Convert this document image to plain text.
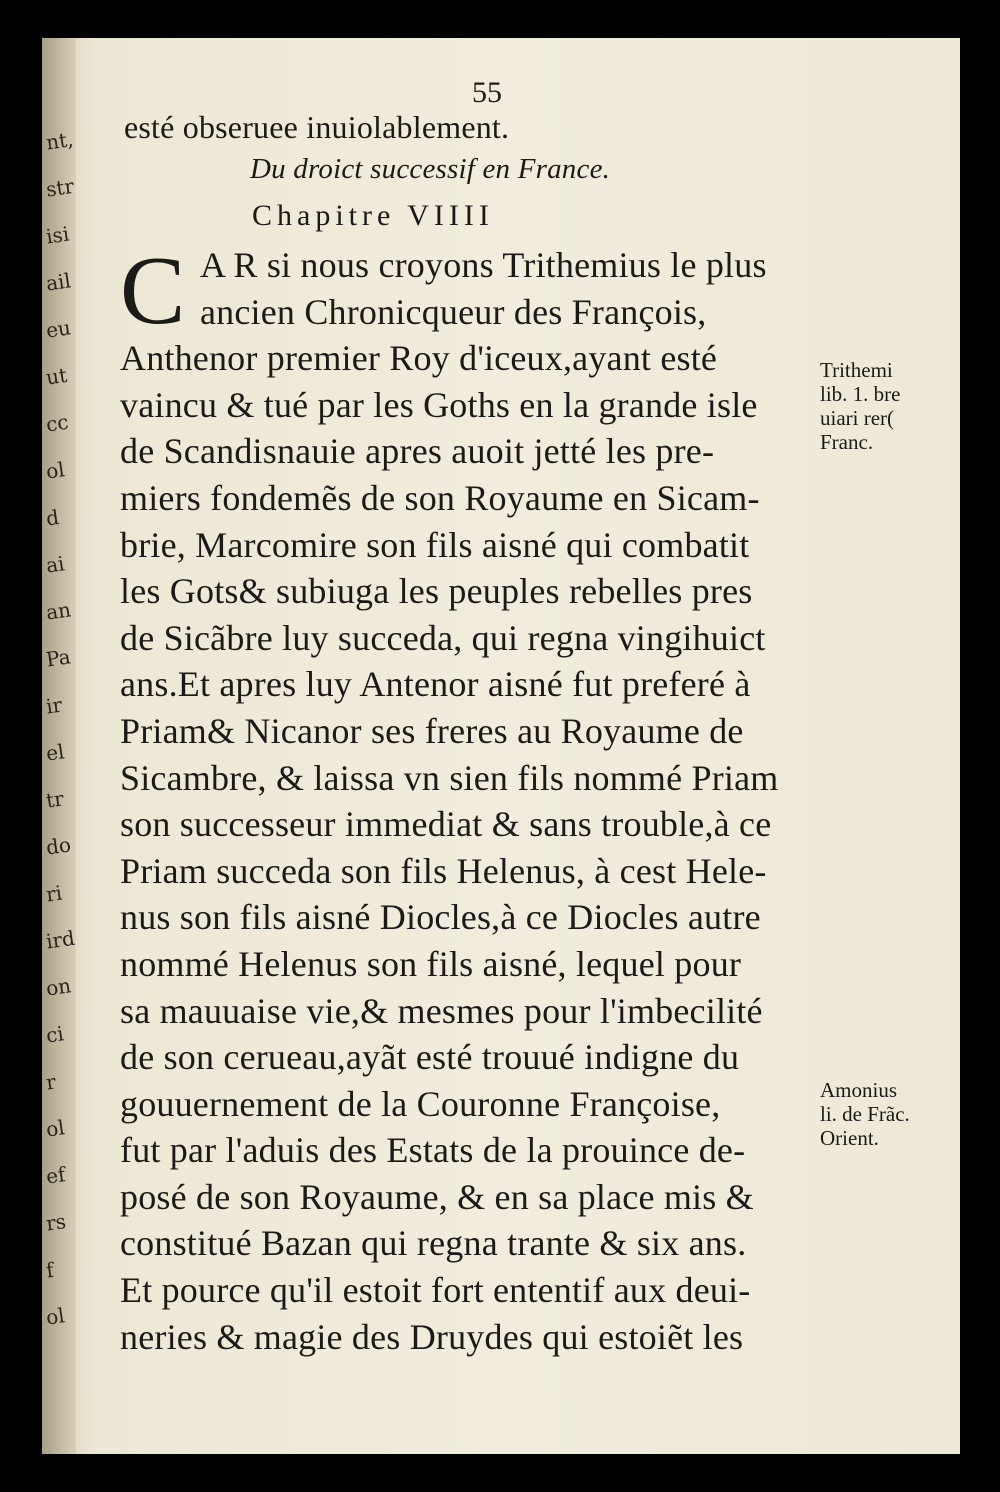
nt,
str
isi
ail
eu
ut
cc
ol
d
ai
an
Pa
ir
el
tr
do
ri
ird
on
ci
r
ol
ef
rs
f
ol
55
esté obseruee inuiolablement.
Du droict successif en France.
Chapitre VIIII
A R si nous croyons Trithemius le plus
C ancien Chronicqueur des François,
Anthenor premier Roy d'iceux,ayant esté
vaincu & tué par les Goths en la grande isle
de Scandisnauie apres auoit jetté les pre-
miers fondemẽs de son Royaume en Sicam-
brie, Marcomire son fils aisné qui combatit
les Gots& subiuga les peuples rebelles pres
de Sicãbre luy succeda, qui regna vingihuict
ans.Et apres luy Antenor aisné fut preferé à
Priam& Nicanor ses freres au Royaume de
Sicambre, & laissa vn sien fils nommé Priam
son successeur immediat & sans trouble,à ce
Priam succeda son fils Helenus, à cest Hele-
nus son fils aisné Diocles,à ce Diocles autre
nommé Helenus son fils aisné, lequel pour
sa mauuaise vie,& mesmes pour l'imbecilité
de son cerueau,ayãt esté trouué indigne du
gouuernement de la Couronne Françoise,
fut par l'aduis des Estats de la prouince de-
posé de son Royaume, & en sa place mis &
constitué Bazan qui regna trante & six ans.
Et pource qu'il estoit fort ententif aux deui-
neries & magie des Druydes qui estoiẽt les
Trithemi
lib. 1. bre
uiari rer(
Franc.
Amonius
li. de Frãc.
Orient.
